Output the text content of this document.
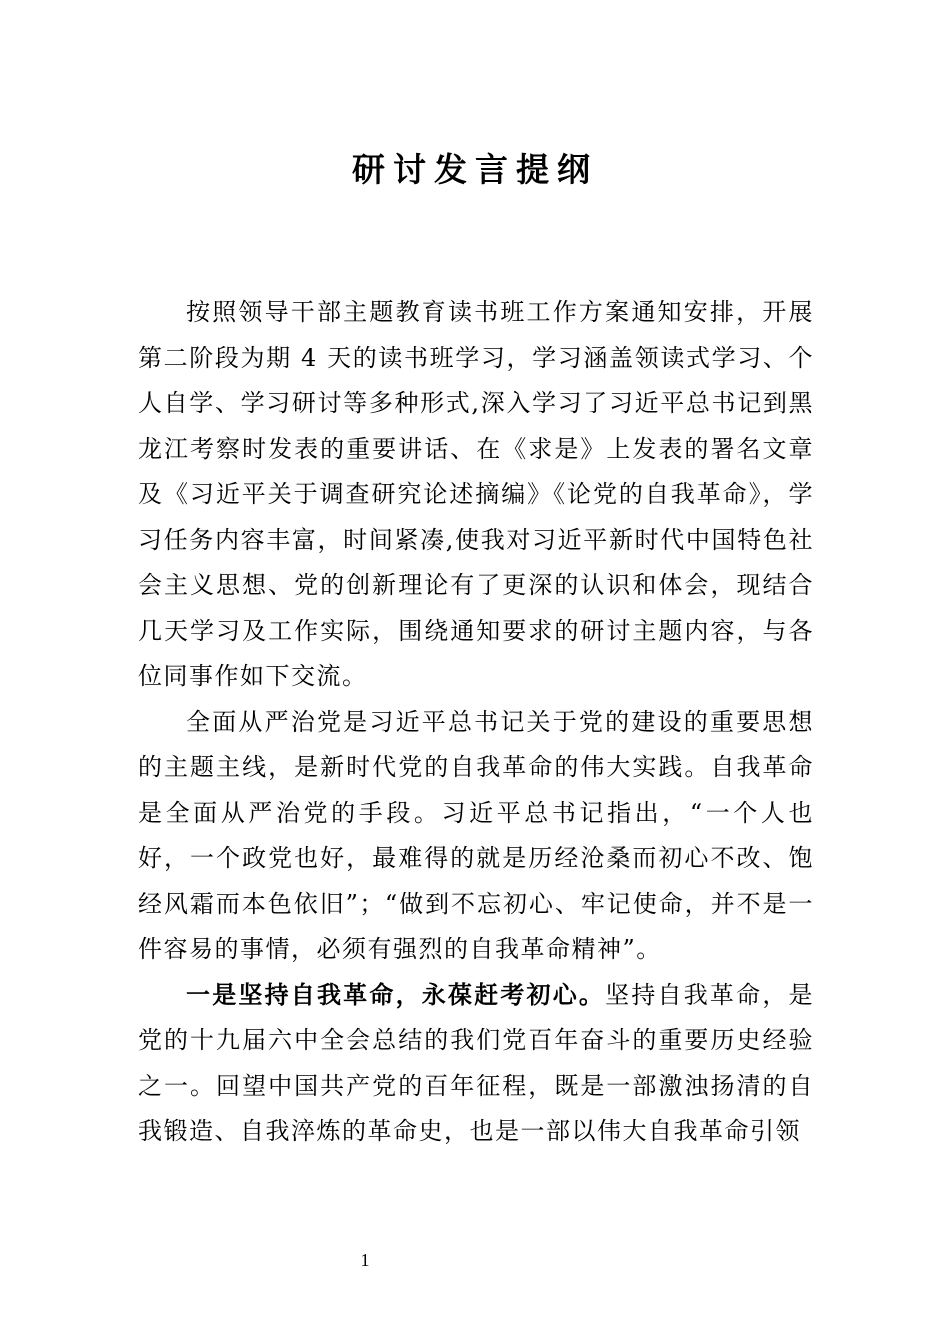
研讨发言提纲

按照领导干部主题教育读书班工作方案通知安排，开展第二阶段为期 4 天的读书班学习，学习涵盖领读式学习、个人自学、学习研讨等多种形式,深入学习了习近平总书记到黑龙江考察时发表的重要讲话、在《求是》上发表的署名文章及《习近平关于调查研究论述摘编》《论党的自我革命》，学习任务内容丰富，时间紧凑,使我对习近平新时代中国特色社会主义思想、党的创新理论有了更深的认识和体会，现结合几天学习及工作实际，围绕通知要求的研讨主题内容，与各位同事作如下交流。

全面从严治党是习近平总书记关于党的建设的重要思想的主题主线，是新时代党的自我革命的伟大实践。自我革命是全面从严治党的手段。习近平总书记指出，“一个人也好，一个政党也好，最难得的就是历经沧桑而初心不改、饱经风霜而本色依旧”；“做到不忘初心、牢记使命，并不是一件容易的事情，必须有强烈的自我革命精神”。

一是坚持自我革命，永葆赶考初心。坚持自我革命，是党的十九届六中全会总结的我们党百年奋斗的重要历史经验之一。回望中国共产党的百年征程，既是一部激浊扬清的自我锻造、自我淬炼的革命史，也是一部以伟大自我革命引领

1
